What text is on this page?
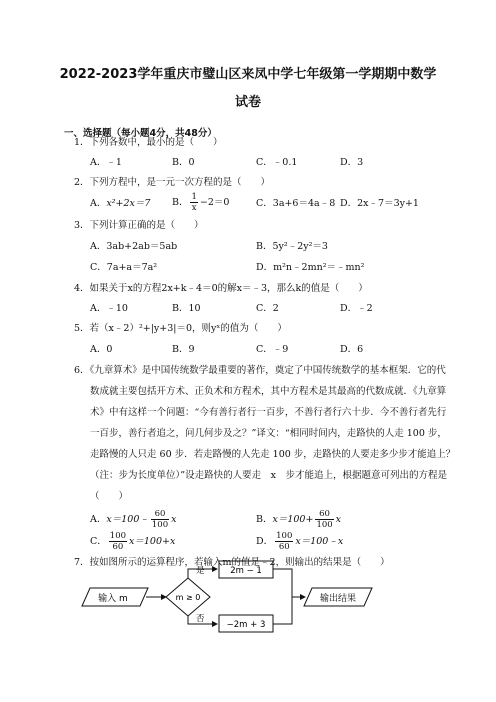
2022-2023学年重庆市璧山区来凤中学七年级第一学期期中数学
试卷
一、选择题（每小题4分，共48分）
1．下列各数中，最小的是（　　）
A．﹣1	B．0	C．﹣0.1	D．3
2．下列方程中，是一元一次方程的是（　　）
A．x²+2x＝7 B． $\frac{1}{x} -2=0$	C．3a+6＝4a﹣8 D．2x﹣7＝3y+1
3．下列计算正确的是（　　）
A．3ab+2ab＝5ab	B．5y²﹣2y²＝3
C．7a+a＝7a²	D．m²n﹣2mn²＝﹣mn²
4．如果关于x的方程2x+k﹣4＝0的解x＝﹣3，那么k的值是（　　）
A．﹣10	B．10	C．2	D．﹣2
5．若（x﹣2）²+|y+3|＝0，则yˣ的值为（　　）
A．0	B．9	C．﹣9	D．6
6．《九章算术》是中国传统数学最重要的著作，奠定了中国传统数学的基本框架．它的代
数成就主要包括开方术、正负术和方程术，其中方程术是其最高的代数成就．《九章算
术》中有这样一个问题：“今有善行者行一百步，不善行者行六十步．今不善行者先行
一百步，善行者追之，问几何步及之？”译文：“相同时间内，走路快的人走 100 步，
走路慢的人只走 60 步．若走路慢的人先走 100 步，走路快的人要走多少步才能追上？
（注：步为长度单位）”设走路快的人要走　x　步才能追上，根据题意可列出的方程是
（　　）
A．x＝100﹣ $\frac{60}{100}$ x	B．$x=100+ \frac{60}{100}$ x
C． $\frac{100}{60} x=100+x$	D． $\frac{100}{60}$ x＝100﹣x
7．按如图所示的运算程序，若输入m的值是﹣2，则输出的结果是（　　）
输入 m	m ≥ 0
是	2m − 1
否
−2m + 3
输出结果
